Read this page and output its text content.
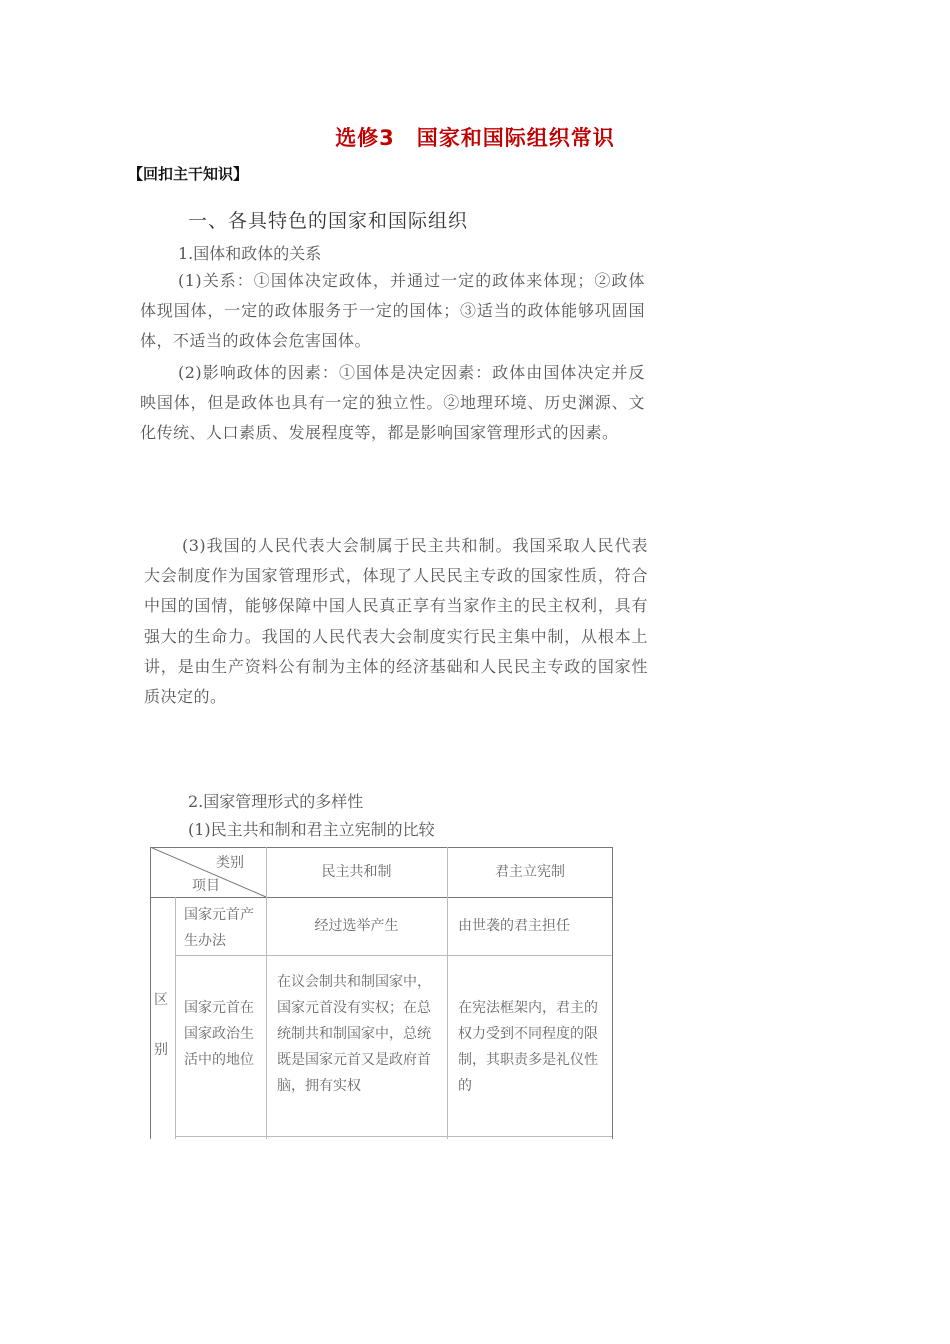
选修3　国家和国际组织常识
【回扣主干知识】
一、各具特色的国家和国际组织
1.国体和政体的关系
(1)关系：①国体决定政体，并通过一定的政体来体现；②政体体现国体，一定的政体服务于一定的国体；③适当的政体能够巩固国体，不适当的政体会危害国体。
(2)影响政体的因素：①国体是决定因素：政体由国体决定并反映国体，但是政体也具有一定的独立性。②地理环境、历史渊源、文化传统、人口素质、发展程度等，都是影响国家管理形式的因素。
(3)我国的人民代表大会制属于民主共和制。我国采取人民代表大会制度作为国家管理形式，体现了人民民主专政的国家性质，符合中国的国情，能够保障中国人民真正享有当家作主的民主权利，具有强大的生命力。我国的人民代表大会制度实行民主集中制，从根本上讲，是由生产资料公有制为主体的经济基础和人民民主专政的国家性质决定的。
2.国家管理形式的多样性
(1)民主共和制和君主立宪制的比较
类别
项目
民主共和制	君主立宪制
区别
国家元首产生办法
经过选举产生	由世袭的君主担任
国家元首在国家政治生活中的地位
在议会制共和制国家中，国家元首没有实权；在总统制共和制国家中，总统既是国家元首又是政府首脑，拥有实权
在宪法框架内，君主的权力受到不同程度的限制，其职责多是礼仪性的
